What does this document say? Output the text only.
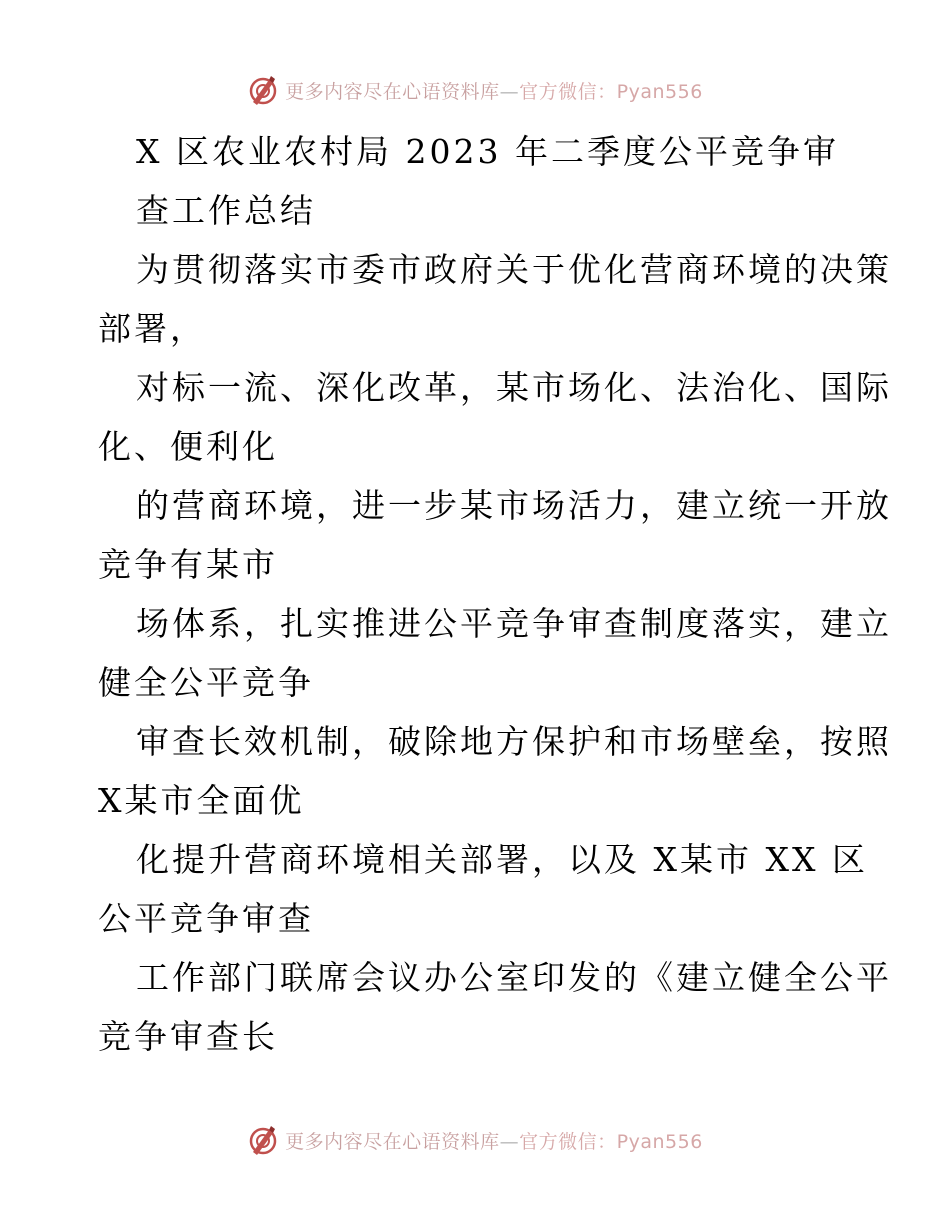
更多内容尽在心语资料库—官方微信：Pyan556
X 区农业农村局 2023 年二季度公平竞争审
查工作总结
为贯彻落实市委市政府关于优化营商环境的决策
部署，
对标一流、深化改革，某市场化、法治化、国际
化、便利化
的营商环境，进一步某市场活力，建立统一开放
竞争有某市
场体系，扎实推进公平竞争审查制度落实，建立
健全公平竞争
审查长效机制，破除地方保护和市场壁垒，按照
X某市全面优
化提升营商环境相关部署，以及 X某市 XX 区
公平竞争审查
工作部门联席会议办公室印发的《建立健全公平
竞争审查长
更多内容尽在心语资料库—官方微信：Pyan556
